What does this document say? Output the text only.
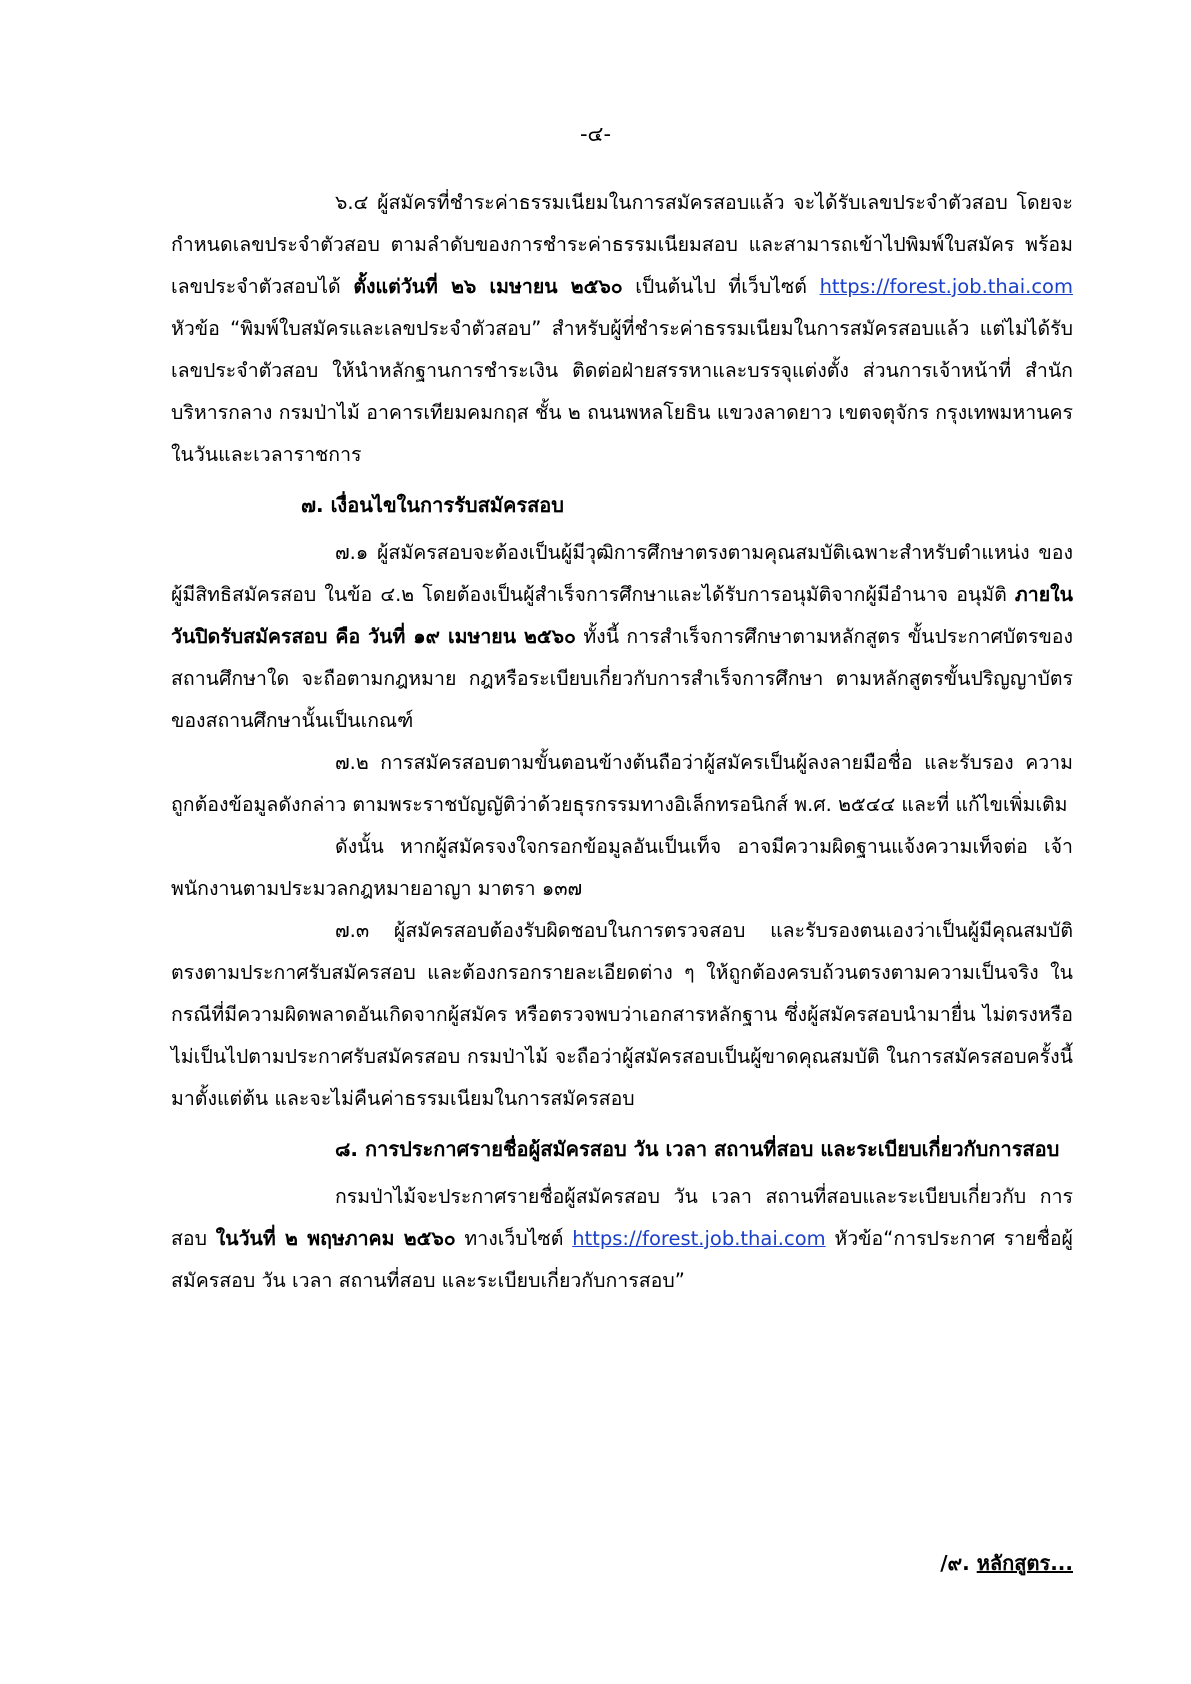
-๔-

๖.๔ ผู้สมัครที่ชำระค่าธรรมเนียมในการสมัครสอบแล้ว จะได้รับเลขประจำตัวสอบ โดยจะกำหนดเลขประจำตัวสอบ ตามลำดับของการชำระค่าธรรมเนียมสอบ และสามารถเข้าไปพิมพ์ใบสมัคร พร้อมเลขประจำตัวสอบได้ ตั้งแต่วันที่ ๒๖ เมษายน ๒๕๖๐ เป็นต้นไป ที่เว็บไซต์ https://forest.job.thai.com หัวข้อ “พิมพ์ใบสมัครและเลขประจำตัวสอบ” สำหรับผู้ที่ชำระค่าธรรมเนียมในการสมัครสอบแล้ว แต่ไม่ได้รับเลขประจำตัวสอบ ให้นำหลักฐานการชำระเงิน ติดต่อฝ่ายสรรหาและบรรจุแต่งตั้ง ส่วนการเจ้าหน้าที่ สำนักบริหารกลาง กรมป่าไม้ อาคารเทียมคมกฤส ชั้น ๒ ถนนพหลโยธิน แขวงลาดยาว เขตจตุจักร กรุงเทพมหานคร ในวันและเวลาราชการ

๗. เงื่อนไขในการรับสมัครสอบ

๗.๑ ผู้สมัครสอบจะต้องเป็นผู้มีวุฒิการศึกษาตรงตามคุณสมบัติเฉพาะสำหรับตำแหน่ง ของผู้มีสิทธิสมัครสอบ ในข้อ ๔.๒ โดยต้องเป็นผู้สำเร็จการศึกษาและได้รับการอนุมัติจากผู้มีอำนาจ อนุมัติ ภายในวันปิดรับสมัครสอบ คือ วันที่ ๑๙ เมษายน ๒๕๖๐ ทั้งนี้ การสำเร็จการศึกษาตามหลักสูตร ขั้นประกาศบัตรของสถานศึกษาใด จะถือตามกฎหมาย กฎหรือระเบียบเกี่ยวกับการสำเร็จการศึกษา ตามหลักสูตรขั้นปริญญาบัตรของสถานศึกษานั้นเป็นเกณฑ์

๗.๒ การสมัครสอบตามขั้นตอนข้างต้นถือว่าผู้สมัครเป็นผู้ลงลายมือชื่อ และรับรอง ความถูกต้องข้อมูลดังกล่าว ตามพระราชบัญญัติว่าด้วยธุรกรรมทางอิเล็กทรอนิกส์ พ.ศ. ๒๕๔๔ และที่ แก้ไขเพิ่มเติม

ดังนั้น หากผู้สมัครจงใจกรอกข้อมูลอันเป็นเท็จ อาจมีความผิดฐานแจ้งความเท็จต่อ เจ้าพนักงานตามประมวลกฎหมายอาญา มาตรา ๑๓๗

๗.๓ ผู้สมัครสอบต้องรับผิดชอบในการตรวจสอบ และรับรองตนเองว่าเป็นผู้มีคุณสมบัติ ตรงตามประกาศรับสมัครสอบ และต้องกรอกรายละเอียดต่าง ๆ ให้ถูกต้องครบถ้วนตรงตามความเป็นจริง ในกรณีที่มีความผิดพลาดอันเกิดจากผู้สมัคร หรือตรวจพบว่าเอกสารหลักฐาน ซึ่งผู้สมัครสอบนำมายื่น ไม่ตรงหรือไม่เป็นไปตามประกาศรับสมัครสอบ กรมป่าไม้ จะถือว่าผู้สมัครสอบเป็นผู้ขาดคุณสมบัติ ในการสมัครสอบครั้งนี้มาตั้งแต่ต้น และจะไม่คืนค่าธรรมเนียมในการสมัครสอบ

๘. การประกาศรายชื่อผู้สมัครสอบ วัน เวลา สถานที่สอบ และระเบียบเกี่ยวกับการสอบ

กรมป่าไม้จะประกาศรายชื่อผู้สมัครสอบ วัน เวลา สถานที่สอบและระเบียบเกี่ยวกับ การสอบ ในวันที่ ๒ พฤษภาคม ๒๕๖๐ ทางเว็บไซต์ https://forest.job.thai.com หัวข้อ“การประกาศ รายชื่อผู้สมัครสอบ วัน เวลา สถานที่สอบ และระเบียบเกี่ยวกับการสอบ”

/๙. หลักสูตร...
